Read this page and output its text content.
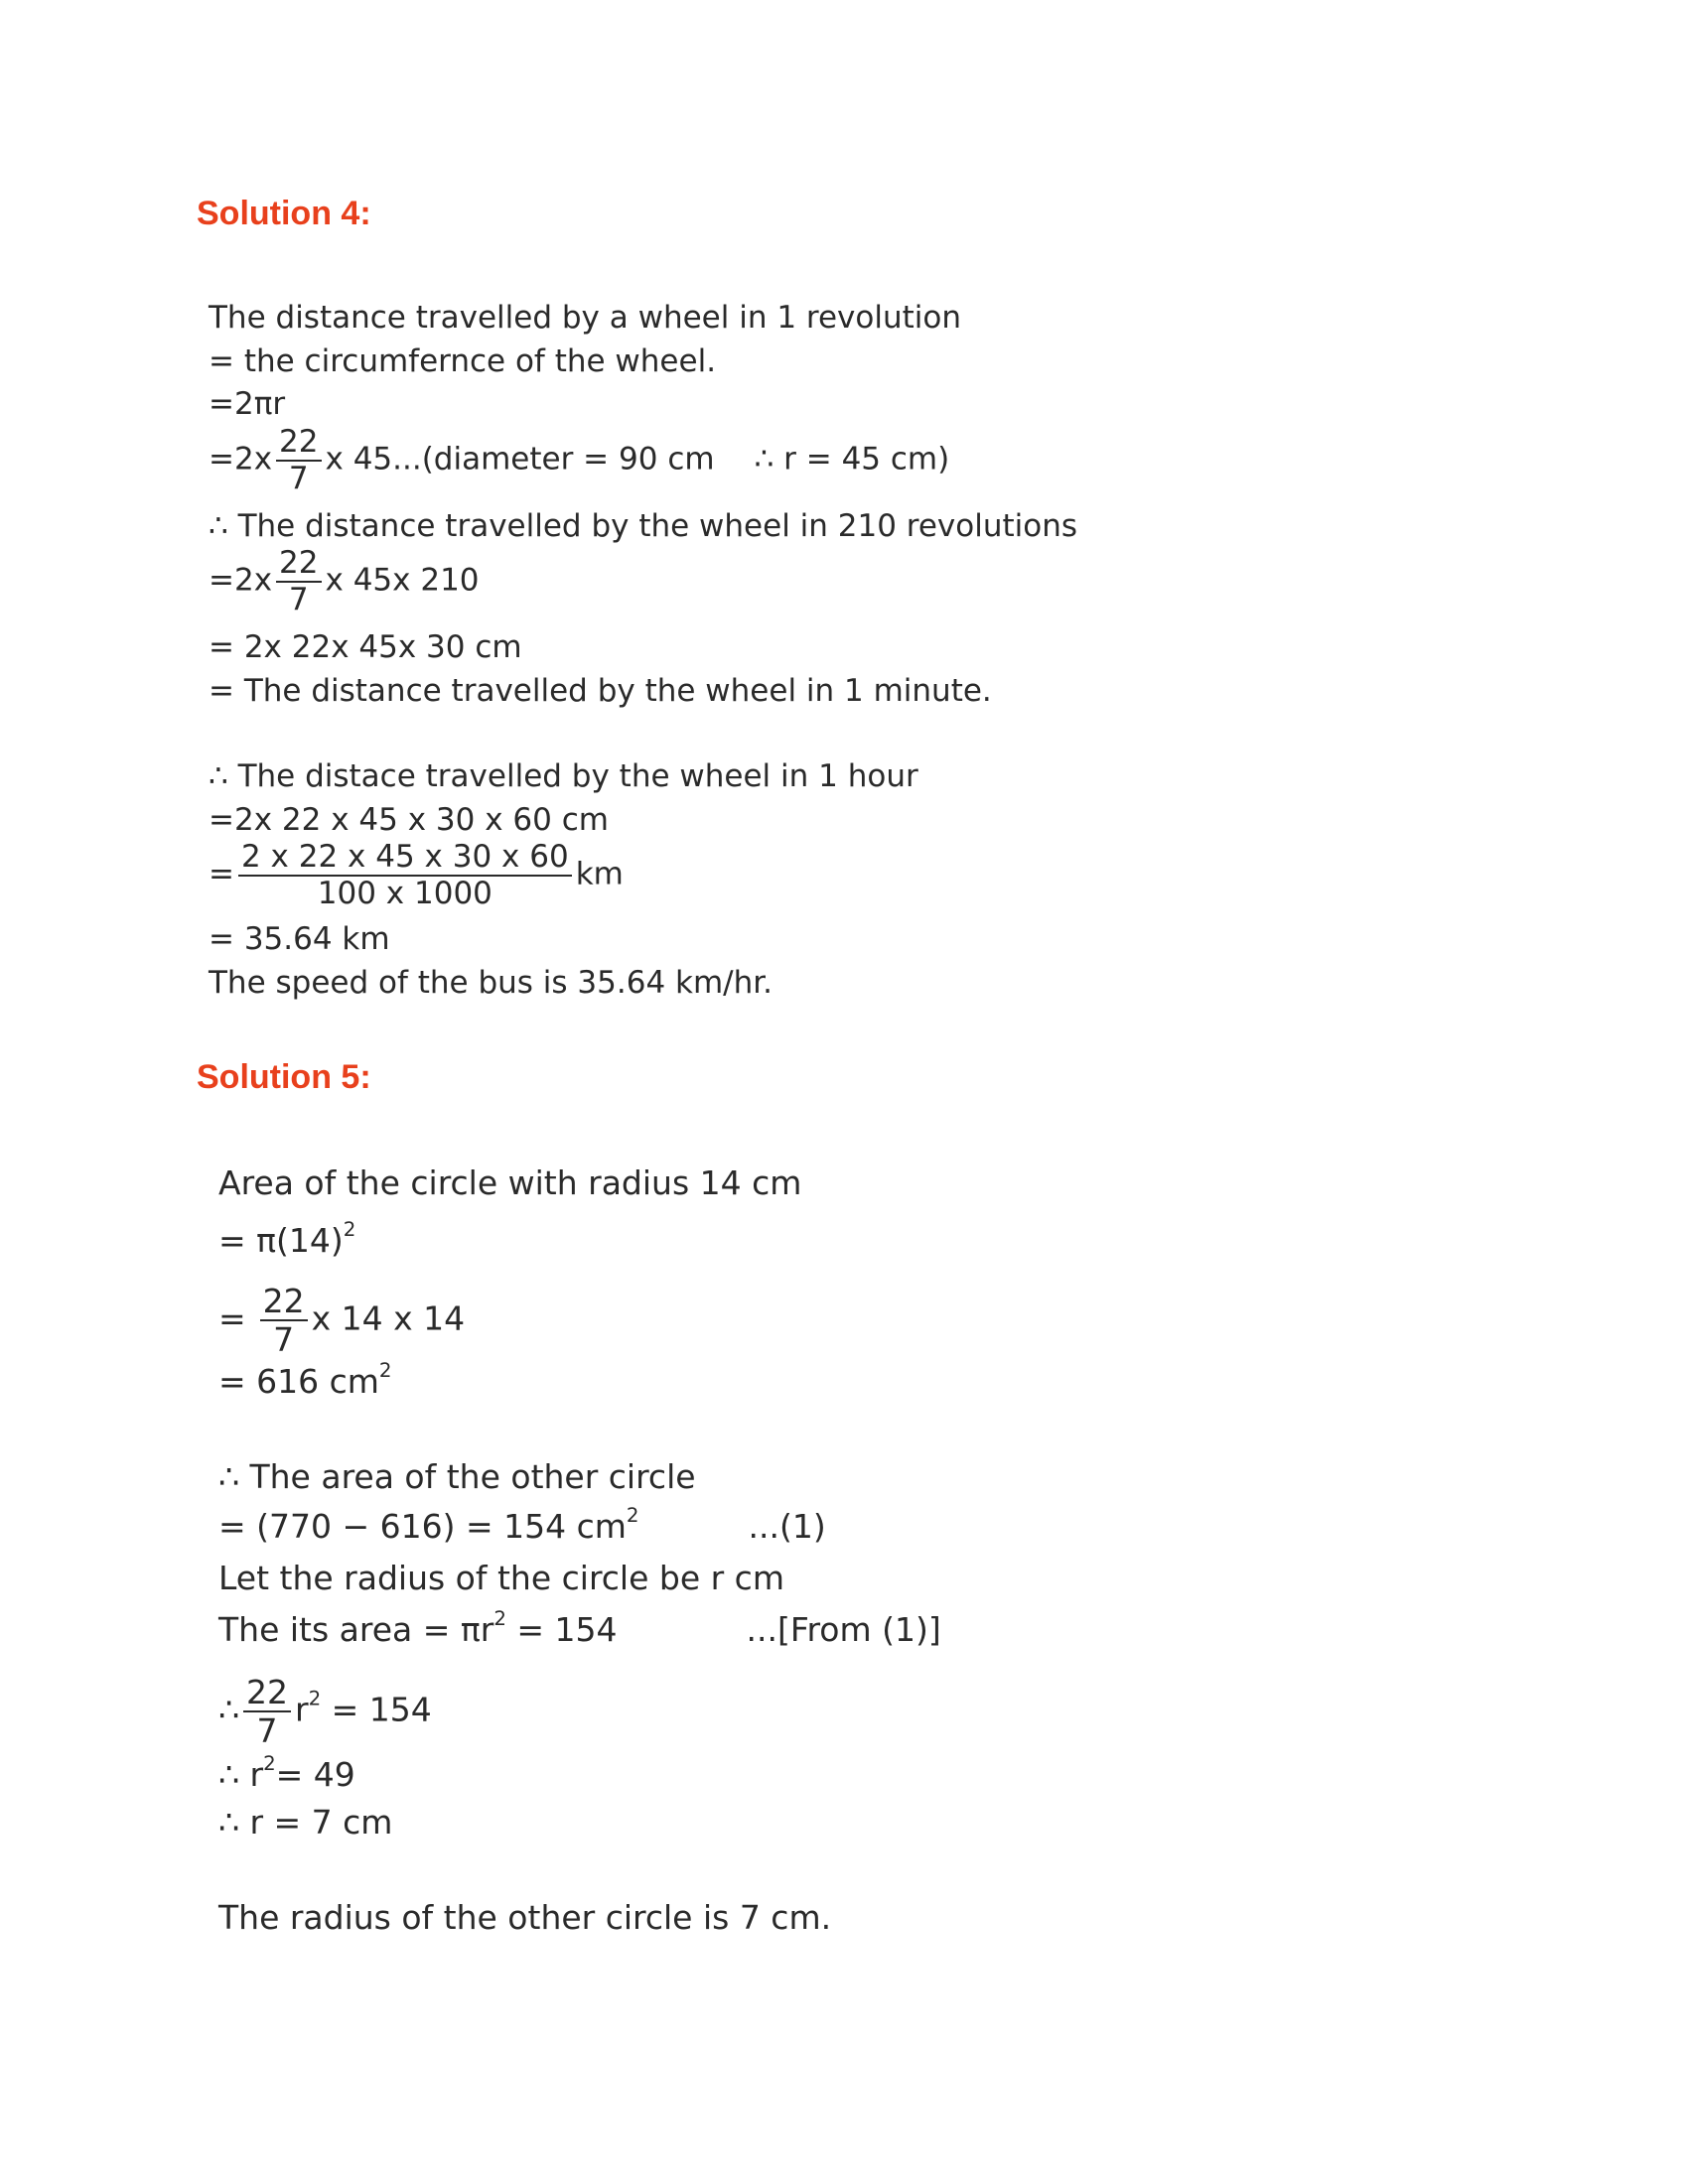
Solution 4:
The distance travelled by a wheel in 1 revolution
= the circumfernce of the wheel.
=2πr
$=2x \frac{22}{7}$ x 45...(diameter = 90 cm ∴ r = 45 cm)
∴ The distance travelled by the wheel in 210 revolutions
$=2x \frac{22}{7}$ x 45x 210
= 2x 22x 45x 30 cm
= The distance travelled by the wheel in 1 minute.
∴ The distace travelled by the wheel in 1 hour
=2x 22 x 45 x 30 x 60 cm
= $\frac{2 x 22 x 45 x 30 x 60}{100 x 1000}$ km
= 35.64 km
The speed of the bus is 35.64 km/hr.
Solution 5:
Area of the circle with radius 14 cm
= $\pi(14)^2$
= $\frac{22}{7}$ x 14 x 14
= 616 $cm^2$
∴ The area of the other circle
= (770 − 616) = 154 $cm^2$	...(1)
Let the radius of the circle be r cm
The its area = $\pi r^2 = 154$	...[From (1)]
∴ $\frac{22}{7} r^2 = 154$
∴ $r^2= 49$
∴ r = 7 cm
The radius of the other circle is 7 cm.
